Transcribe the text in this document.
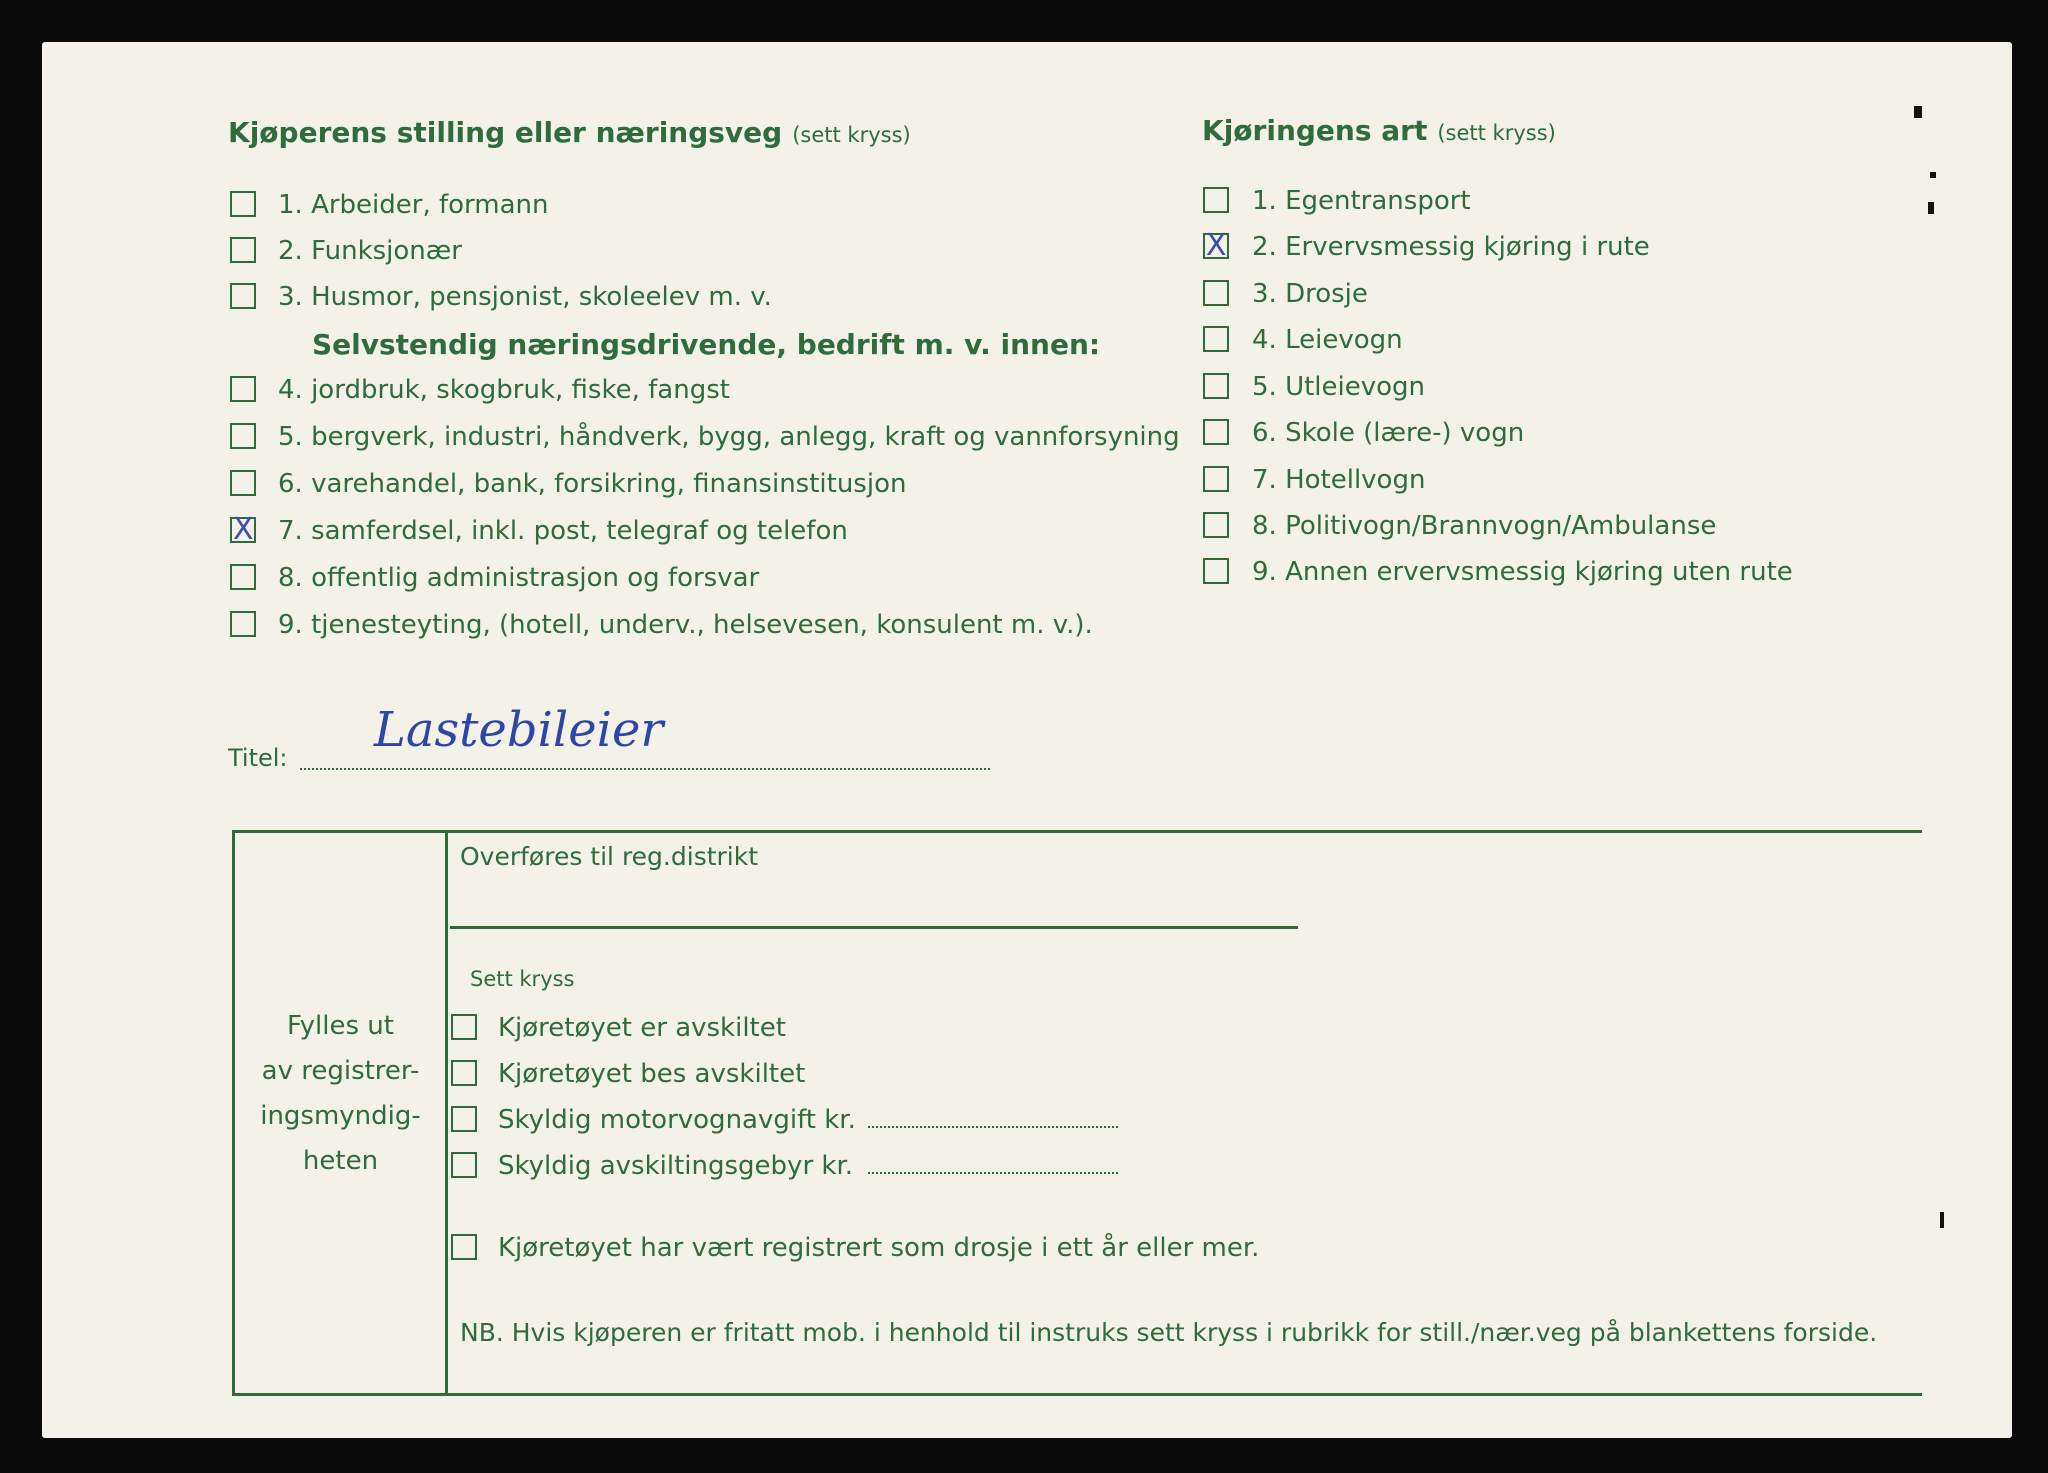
Kjøperens stilling eller næringsveg (sett kryss)
1. Arbeider, formann
2. Funksjonær
3. Husmor, pensjonist, skoleelev m. v.
Selvstendig næringsdrivende, bedrift m. v. innen:
4. jordbruk, skogbruk, fiske, fangst
5. bergverk, industri, håndverk, bygg, anlegg, kraft og vannforsyning
6. varehandel, bank, forsikring, finansinstitusjon
X 7. samferdsel, inkl. post, telegraf og telefon
8. offentlig administrasjon og forsvar
9. tjenesteyting, (hotell, underv., helsevesen, konsulent m. v.).
Kjøringens art (sett kryss)
1. Egentransport
X 2. Ervervsmessig kjøring i rute
3. Drosje
4. Leievogn
5. Utleievogn
6. Skole (lære-) vogn
7. Hotellvogn
8. Politivogn/Brannvogn/Ambulanse
9. Annen ervervsmessig kjøring uten rute
Titel: Lastebileier
Fylles ut
av registrer-
ingsmyndig-
heten
Overføres til reg.distrikt
Sett kryss
Kjøretøyet er avskiltet
Kjøretøyet bes avskiltet
Skyldig motorvognavgift kr.
Skyldig avskiltingsgebyr kr.
Kjøretøyet har vært registrert som drosje i ett år eller mer.
NB. Hvis kjøperen er fritatt mob. i henhold til instruks sett kryss i rubrikk for still./nær.veg på blankettens forside.
